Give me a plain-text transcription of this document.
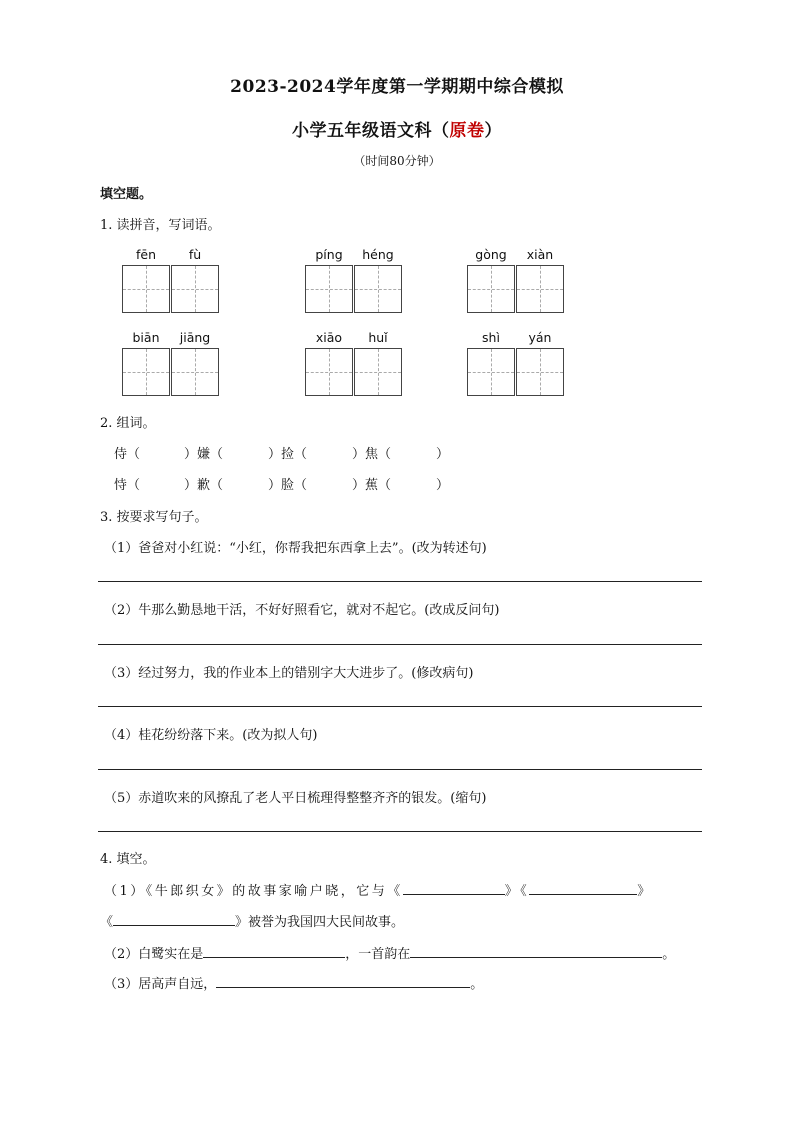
2023-2024学年度第一学期期中综合模拟
小学五年级语文科（原卷）
（时间80分钟）
填空题。
1. 读拼音，写词语。
fēn	fù	píng	héng	gòng	xiàn
biān	jiāng	xiāo	huǐ	shì	yán
2. 组词。
侍（	）嫌（	）捡（	）焦（	）
恃（	）歉（	）脸（	）蕉（	）
3. 按要求写句子。
（1）爸爸对小红说：“小红，你帮我把东西拿上去”。(改为转述句)
（2）牛那么勤恳地干活，不好好照看它，就对不起它。(改成反问句)
（3）经过努力，我的作业本上的错别字大大进步了。(修改病句)
（4）桂花纷纷落下来。(改为拟人句)
（5）赤道吹来的风撩乱了老人平日梳理得整整齐齐的银发。(缩句)
4. 填空。
（1）《牛郎织女》的故事家喻户晓，它与《	》《	》
《	》被誉为我国四大民间故事。
（2）白鹭实在是	，一首韵在	。
（3）居高声自远，	。
